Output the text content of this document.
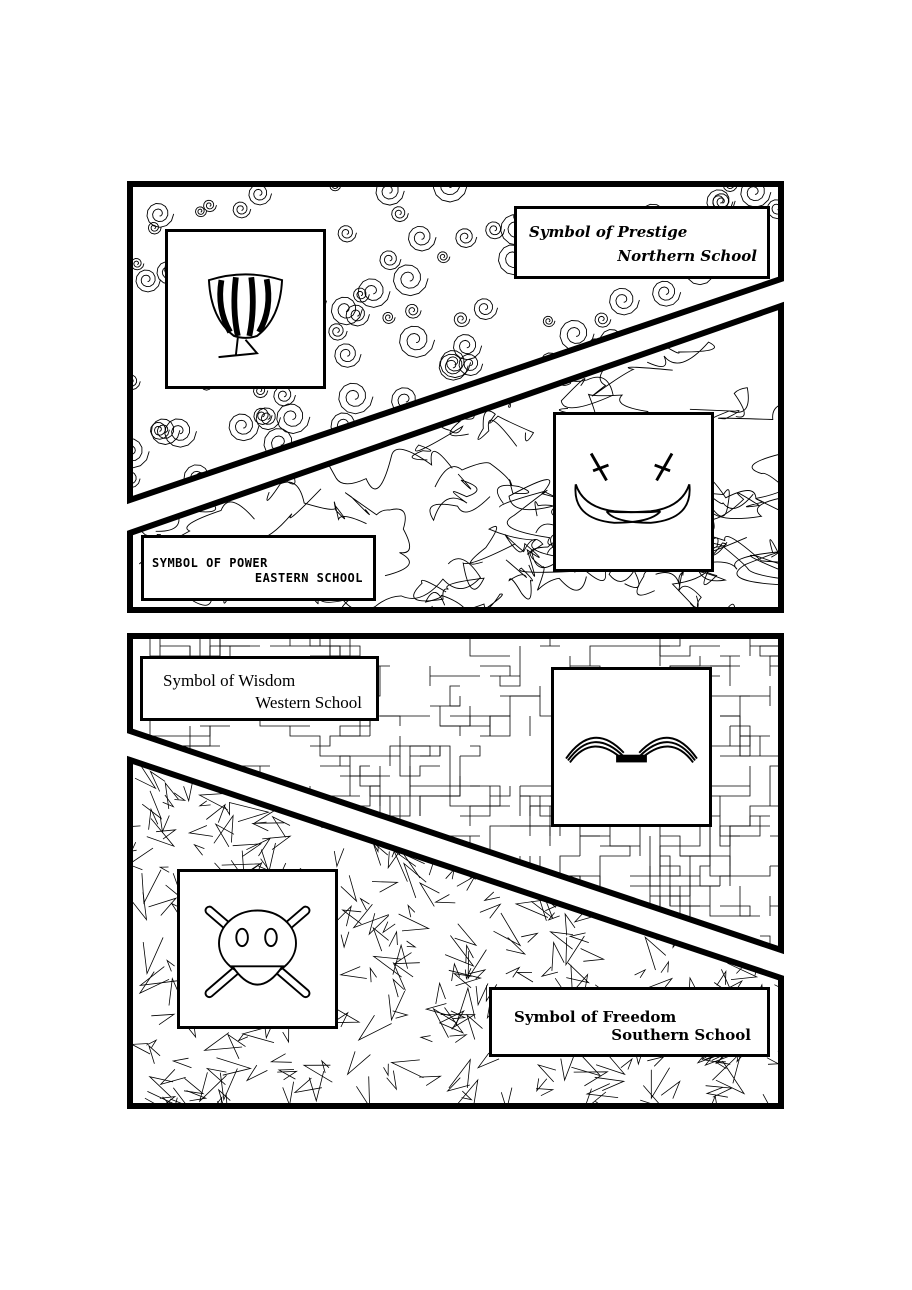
Symbol of Prestige
Northern School
SYMBOL OF POWER
EASTERN SCHOOL
Symbol of Wisdom
Western School
Symbol of Freedom
Southern School
